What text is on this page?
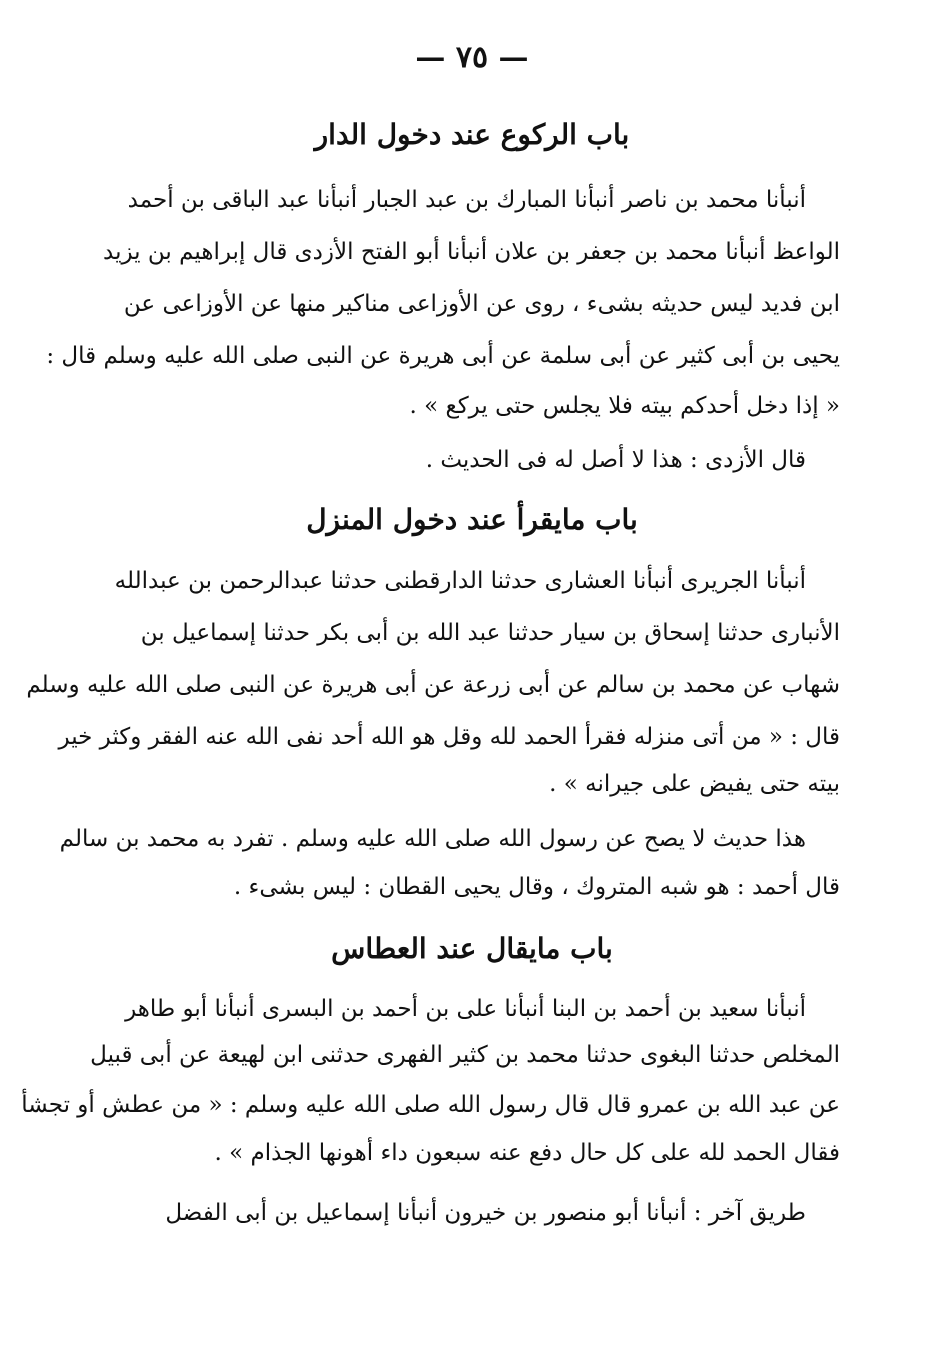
— ٧٥ —
باب الركوع عند دخول الدار
أنبأنا محمد بن ناصر أنبأنا المبارك بن عبد الجبار أنبأنا عبد الباقى بن أحمد
الواعظ أنبأنا محمد بن جعفر بن علان أنبأنا أبو الفتح الأزدى قال إبراهيم بن يزيد
ابن فديد ليس حديثه بشىء ، روى عن الأوزاعى مناكير منها عن الأوزاعى عن
يحيى بن أبى كثير عن أبى سلمة عن أبى هريرة عن النبى صلى الله عليه وسلم قال :
« إذا دخل أحدكم بيته فلا يجلس حتى يركع » .
قال الأزدى : هذا لا أصل له فى الحديث .
باب مايقرأ عند دخول المنزل
أنبأنا الجريرى أنبأنا العشارى حدثنا الدارقطنى حدثنا عبدالرحمن بن عبدالله
الأنبارى حدثنا إسحاق بن سيار حدثنا عبد الله بن أبى بكر حدثنا إسماعيل بن
شهاب عن محمد بن سالم عن أبى زرعة عن أبى هريرة عن النبى صلى الله عليه وسلم
قال : « من أتى منزله فقرأ الحمد لله وقل هو الله أحد نفى الله عنه الفقر وكثر خير
بيته حتى يفيض على جيرانه » .
هذا حديث لا يصح عن رسول الله صلى الله عليه وسلم . تفرد به محمد بن سالم
قال أحمد : هو شبه المتروك ، وقال يحيى القطان : ليس بشىء .
باب مايقال عند العطاس
أنبأنا سعيد بن أحمد بن البنا أنبأنا على بن أحمد بن البسرى أنبأنا أبو طاهر
المخلص حدثنا البغوى حدثنا محمد بن كثير الفهرى حدثنى ابن لهيعة عن أبى قبيل
عن عبد الله بن عمرو قال قال رسول الله صلى الله عليه وسلم : « من عطش أو تجشأ
فقال الحمد لله على كل حال دفع عنه سبعون داء أهونها الجذام » .
طريق آخر : أنبأنا أبو منصور بن خيرون أنبأنا إسماعيل بن أبى الفضل
